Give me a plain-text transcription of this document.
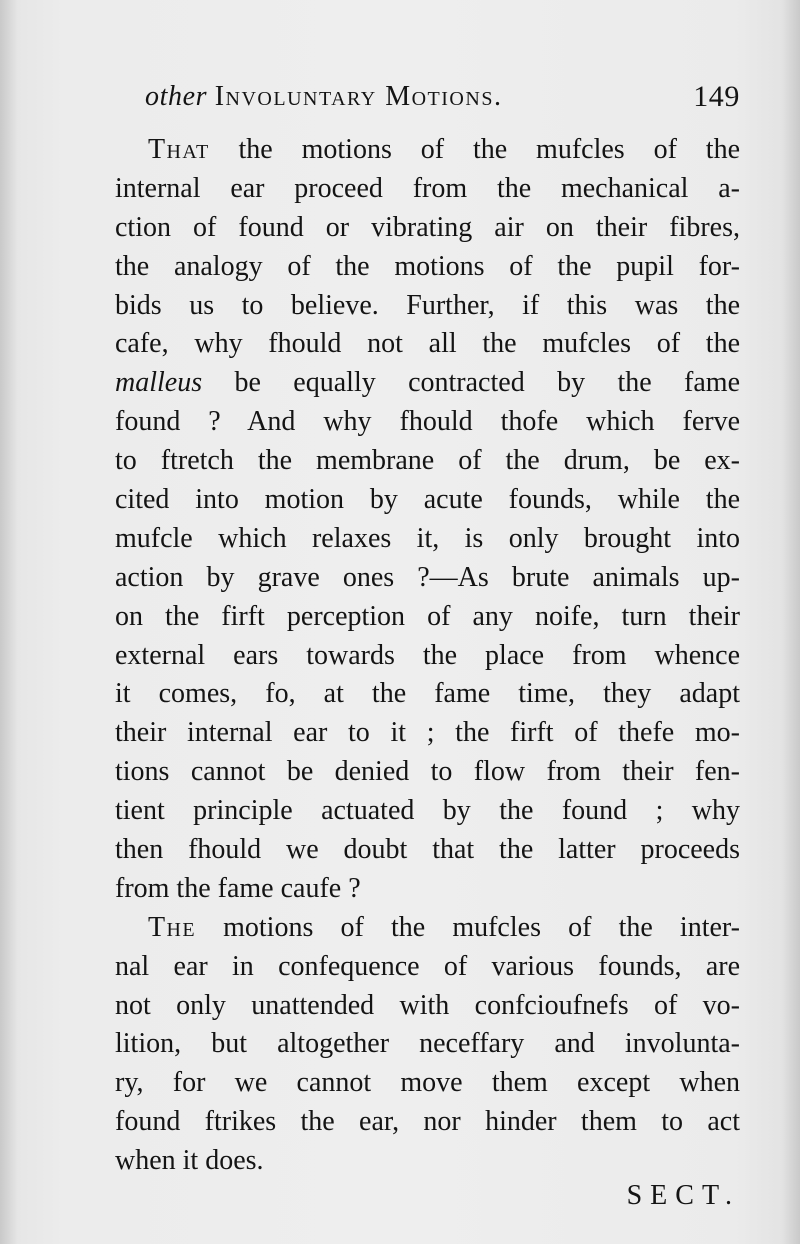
other Involuntary Motions.	149
That the motions of the mufcles of the
internal ear proceed from the mechanical a-
ction of found or vibrating air on their fibres,
the analogy of the motions of the pupil for-
bids us to believe. Further, if this was the
cafe, why fhould not all the mufcles of the
malleus be equally contracted by the fame
found ? And why fhould thofe which ferve
to ftretch the membrane of the drum, be ex-
cited into motion by acute founds, while the
mufcle which relaxes it, is only brought into
action by grave ones ?—As brute animals up-
on the firft perception of any noife, turn their
external ears towards the place from whence
it comes, fo, at the fame time, they adapt
their internal ear to it ; the firft of thefe mo-
tions cannot be denied to flow from their fen-
tient principle actuated by the found ; why
then fhould we doubt that the latter proceeds
from the fame caufe ?
The motions of the mufcles of the inter-
nal ear in confequence of various founds, are
not only unattended with confcioufnefs of vo-
lition, but altogether neceffary and involunta-
ry, for we cannot move them except when
found ftrikes the ear, nor hinder them to act
when it does.
SECT.
